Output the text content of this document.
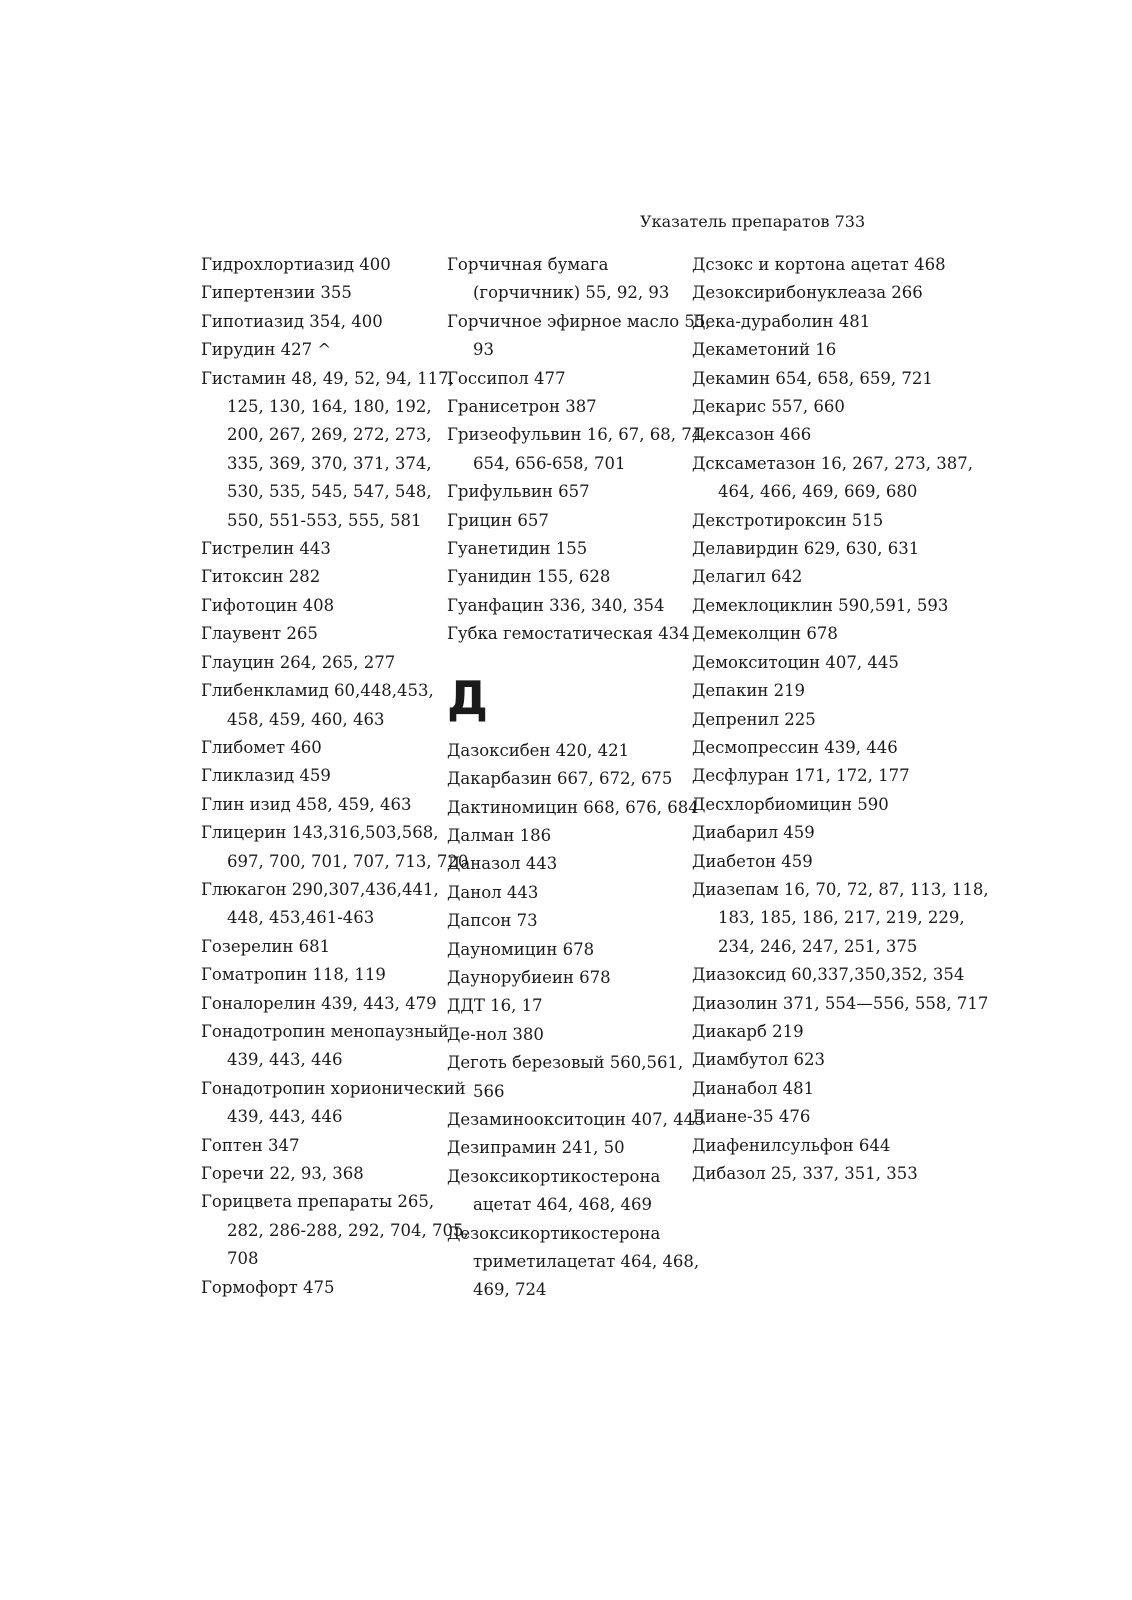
Указатель препаратов 733

Гидрохлортиазид 400

Гипертензии 355

Гипотиазид 354, 400

Гирудин 427 ^

Гистамин 48, 49, 52, 94, 117, 125, 130, 164, 180, 192, 200, 267, 269, 272, 273, 335, 369, 370, 371, 374, 530, 535, 545, 547, 548, 550, 551-553, 555, 581

Гистрелин 443

Гитоксин 282

Гифотоцин 408

Глаувент 265

Глауцин 264, 265, 277

Глибенкламид 60,448,453, 458, 459, 460, 463

Глибомет 460

Гликлазид 459

Глин изид 458, 459, 463

Глицерин 143,316,503,568, 697, 700, 701, 707, 713, 720

Глюкагон 290,307,436,441, 448, 453,461-463

Гозерелин 681

Гоматропин 118, 119

Гоналорелин 439, 443, 479

Гонадотропин менопаузный 439, 443, 446

Гонадотропин хорионический 439, 443, 446

Гоптен 347

Горечи 22, 93, 368

Горицвета препараты 265, 282, 286-288, 292, 704, 705, 708

Гормофорт 475

Горчичная бумага (горчичник) 55, 92, 93

Горчичное эфирное масло 55, 93

Госсипол 477

Гранисетрон 387

Гризеофульвин 16, 67, 68, 74. 654, 656-658, 701

Грифульвин 657

Грицин 657

Гуанетидин 155

Гуанидин 155, 628

Гуанфацин 336, 340, 354

Губка гемостатическая 434

Д

Дазоксибен 420, 421

Дакарбазин 667, 672, 675

Дактиномицин 668, 676, 684

Далман 186

Даназол 443

Данол 443

Дапсон 73

Дауномицин 678

Даунорубиеин 678

ДДТ 16, 17

Де-нол 380

Деготь березовый 560,561, 566

Дезаминоокситоцин 407, 445

Дезипрамин 241, 50

Дезоксикортикостерона ацетат 464, 468, 469

Дезоксикортикостерона триметилацетат 464, 468, 469, 724

Дсзокс и кортона ацетат 468

Дезоксирибонуклеаза 266

Дека-дураболин 481

Декаметоний 16

Декамин 654, 658, 659, 721

Декарис 557, 660

Дексазон 466

Дсксаметазон 16, 267, 273, 387, 464, 466, 469, 669, 680

Декстротироксин 515

Делавирдин 629, 630, 631

Делагил 642

Демеклоциклин 590,591, 593

Демеколцин 678

Демокситоцин 407, 445

Депакин 219

Депренил 225

Десмопрессин 439, 446

Десфлуран 171, 172, 177

Десхлорбиомицин 590

Диабарил 459

Диабетон 459

Диазепам 16, 70, 72, 87, 113, 118, 183, 185, 186, 217, 219, 229, 234, 246, 247, 251, 375

Диазоксид 60,337,350,352, 354

Диазолин 371, 554—556, 558, 717

Диакарб 219

Диамбутол 623

Дианабол 481

Диане-35 476

Диафенилсульфон 644

Дибазол 25, 337, 351, 353
